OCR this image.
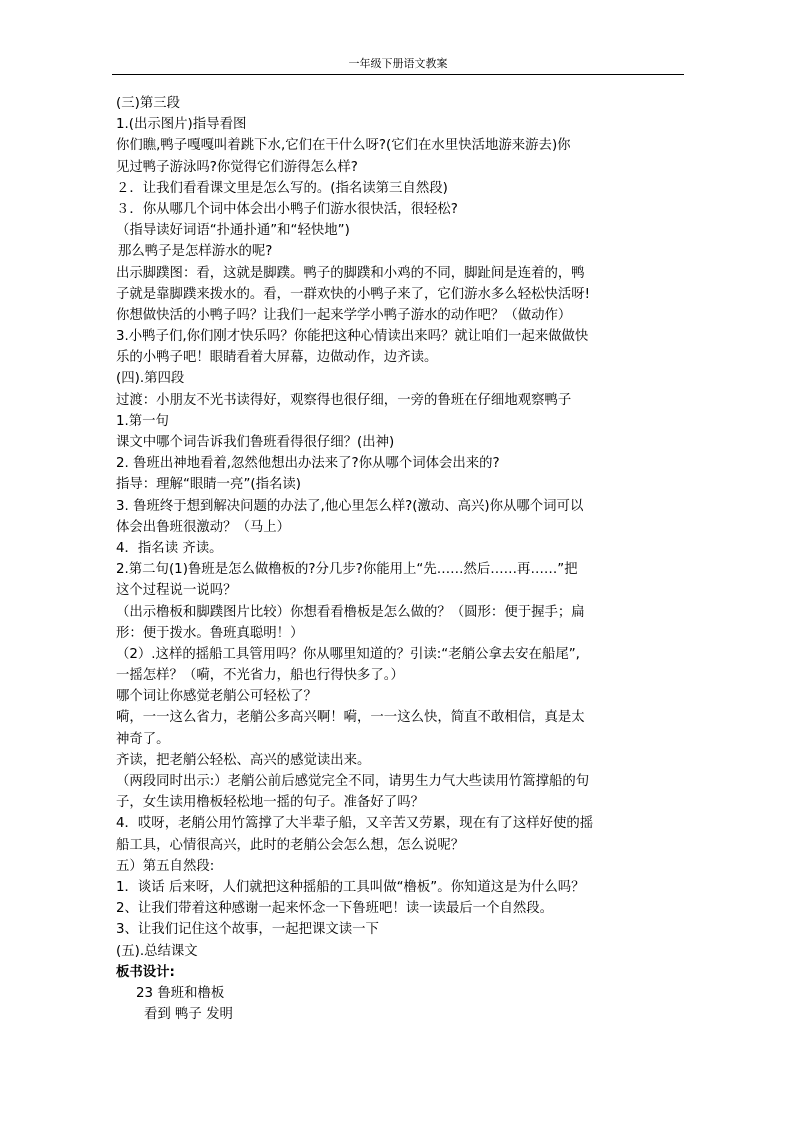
一年级下册语文教案
(三)第三段
1.(出示图片)指导看图
你们瞧,鸭子嘎嘎叫着跳下水,它们在干什么呀?(它们在水里快活地游来游去)你
见过鸭子游泳吗?你觉得它们游得怎么样?
２．让我们看看课文里是怎么写的。(指名读第三自然段)
３．你从哪几个词中体会出小鸭子们游水很快活，很轻松?
（指导读好词语“扑通扑通”和“轻快地”)
那么鸭子是怎样游水的呢?
出示脚蹼图：看，这就是脚蹼。鸭子的脚蹼和小鸡的不同，脚趾间是连着的，鸭
子就是靠脚蹼来拨水的。看，一群欢快的小鸭子来了，它们游水多么轻松快活呀!
你想做快活的小鸭子吗？让我们一起来学学小鸭子游水的动作吧？（做动作）
3.小鸭子们,你们刚才快乐吗？你能把这种心情读出来吗？就让咱们一起来做做快
乐的小鸭子吧！眼睛看着大屏幕，边做动作，边齐读。
(四).第四段
过渡：小朋友不光书读得好，观察得也很仔细，一旁的鲁班在仔细地观察鸭子
1.第一句
课文中哪个词告诉我们鲁班看得很仔细？(出神)
2. 鲁班出神地看着,忽然他想出办法来了?你从哪个词体会出来的?
指导：理解“眼睛一亮”(指名读)
3. 鲁班终于想到解决问题的办法了,他心里怎么样?(激动、高兴)你从哪个词可以
体会出鲁班很激动？（马上）
4．指名读 齐读。
2.第二句(1)鲁班是怎么做橹板的?分几步?你能用上“先……然后……再……”把
这个过程说一说吗？
（出示橹板和脚蹼图片比较）你想看看橹板是怎么做的？（圆形：便于握手；扁
形：便于拨水。鲁班真聪明！）
（2）.这样的摇船工具管用吗？你从哪里知道的？引读:“老艄公拿去安在船尾”,
一摇怎样？（嗬，不光省力，船也行得快多了。）
哪个词让你感觉老艄公可轻松了？
嗬，一一这么省力，老艄公多高兴啊！嗬，一一这么快，简直不敢相信，真是太
神奇了。
齐读，把老艄公轻松、高兴的感觉读出来。
（两段同时出示:）老艄公前后感觉完全不同，请男生力气大些读用竹篙撑船的句
子，女生读用橹板轻松地一摇的句子。准备好了吗？
4．哎呀，老艄公用竹篙撑了大半辈子船，又辛苦又劳累，现在有了这样好使的摇
船工具，心情很高兴，此时的老艄公会怎么想，怎么说呢？
五）第五自然段:
1．谈话 后来呀，人们就把这种摇船的工具叫做“橹板”。你知道这是为什么吗？
2、让我们带着这种感谢一起来怀念一下鲁班吧！读一读最后一个自然段。
3、让我们记住这个故事，一起把课文读一下
(五).总结课文
板书设计:
23 鲁班和橹板
看到 鸭子 发明
